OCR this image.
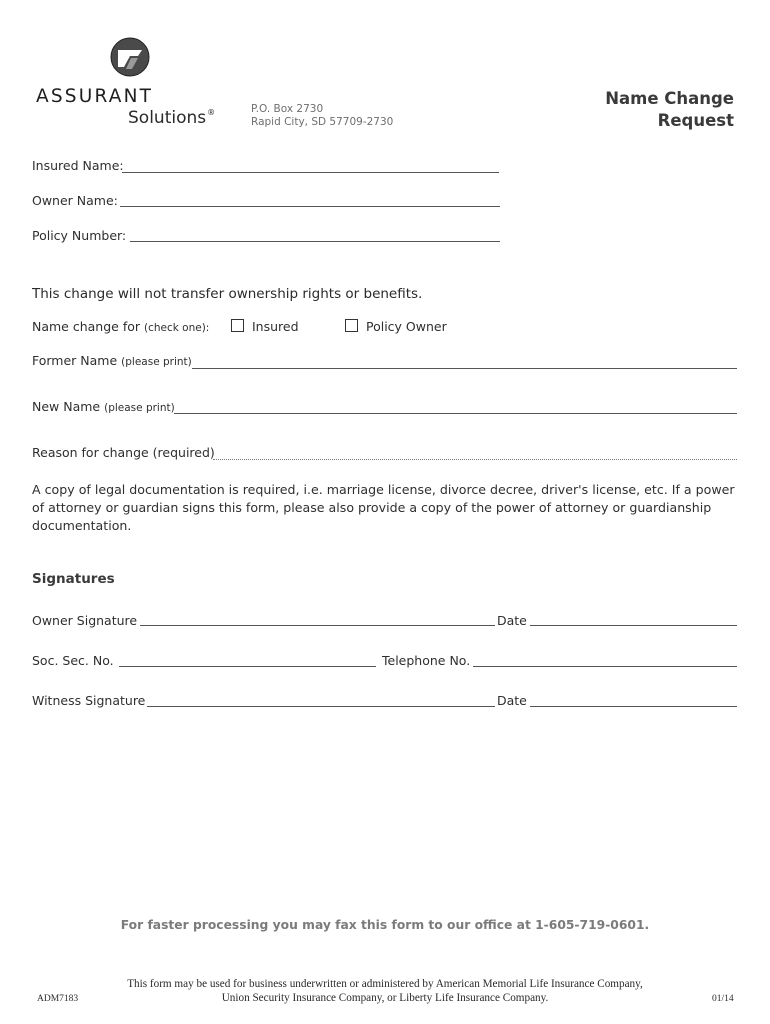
ASSURANT
Solutions®	P.O. Box 2730
Rapid City, SD 57709-2730
Name Change
Request
Insured Name:
Owner Name:
Policy Number:
This change will not transfer ownership rights or benefits.
Name change for (check one):	Insured	Policy Owner
Former Name (please print)
New Name (please print)
Reason for change (required)
A copy of legal documentation is required, i.e. marriage license, divorce decree, driver's license, etc. If a power of attorney or guardian signs this form, please also provide a copy of the power of attorney or guardianship documentation.
Signatures
Owner Signature	Date
Soc. Sec. No.	Telephone No.
Witness Signature	Date
For faster processing you may fax this form to our office at 1-605-719-0601.
This form may be used for business underwritten or administered by American Memorial Life Insurance Company,
Union Security Insurance Company, or Liberty Life Insurance Company.
ADM7183	01/14
